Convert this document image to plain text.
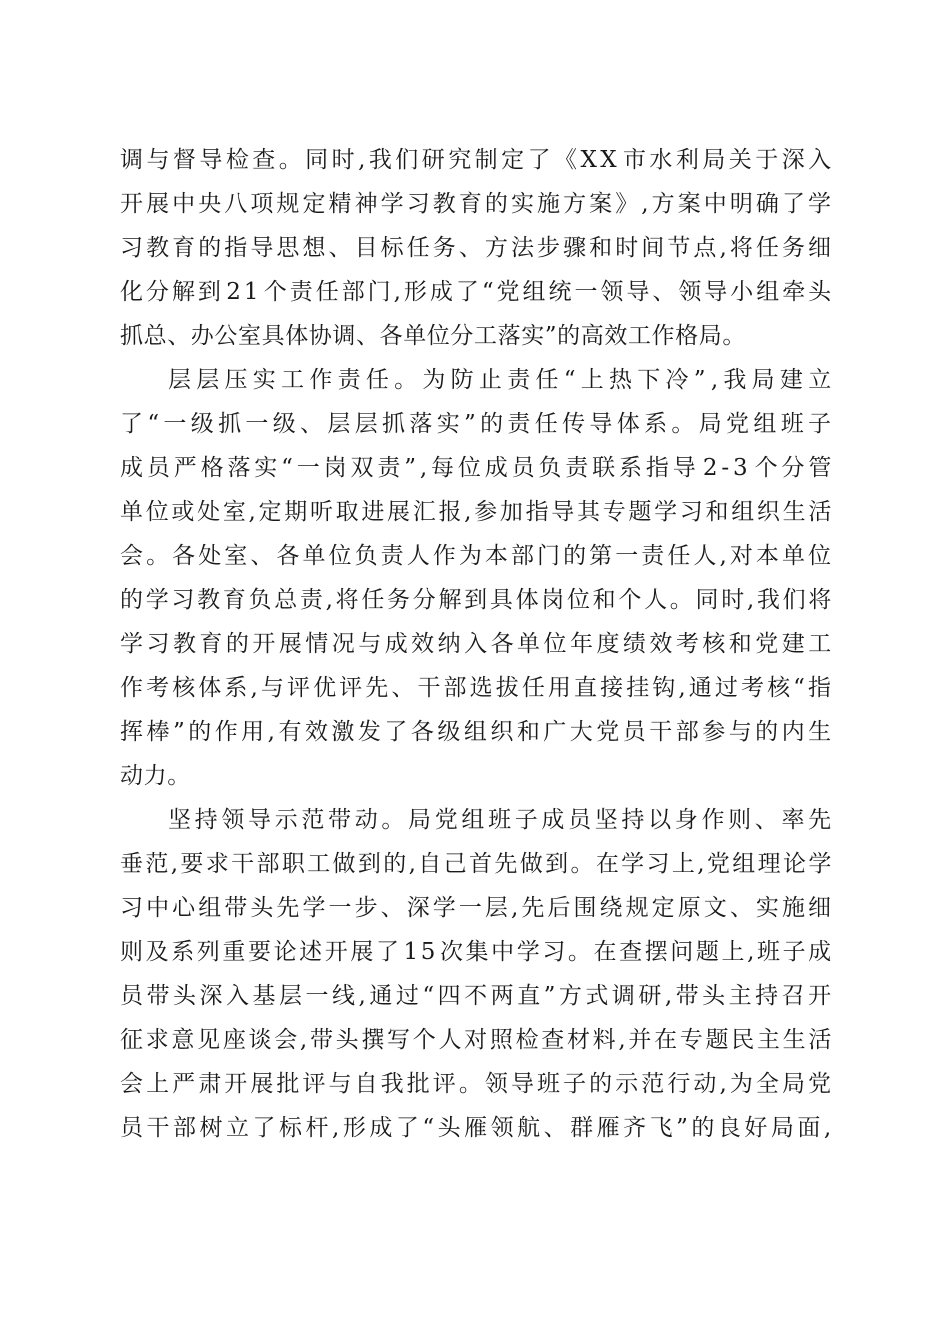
调 与 督 导 检 查 。 同 时 , 我 们 研 究 制 定 了 《 X X 市 水 利 局 关 于 深 入
开 展 中 央 八 项 规 定 精 神 学 习 教 育 的 实 施 方 案 》 , 方 案 中 明 确 了 学
习 教 育 的 指 导 思 想 、 目 标 任 务 、 方 法 步 骤 和 时 间 节 点 , 将 任 务 细
化 分 解 到 2 1 个 责 任 部 门 , 形 成 了 “ 党 组 统 一 领 导 、 领 导 小 组 牵 头
抓总、办公室具体协调、各单位分工落实”的高效工作格局。
层 层 压 实 工 作 责 任 。 为 防 止 责 任 “ 上 热 下 冷 ” , 我 局 建 立
了 “ 一 级 抓 一 级 、 层 层 抓 落 实 ” 的 责 任 传 导 体 系 。 局 党 组 班 子
成 员 严 格 落 实 “ 一 岗 双 责 ” , 每 位 成 员 负 责 联 系 指 导 2 - 3 个 分 管
单 位 或 处 室 , 定 期 听 取 进 展 汇 报 , 参 加 指 导 其 专 题 学 习 和 组 织 生 活
会 。 各 处 室 、 各 单 位 负 责 人 作 为 本 部 门 的 第 一 责 任 人 , 对 本 单 位
的 学 习 教 育 负 总 责 , 将 任 务 分 解 到 具 体 岗 位 和 个 人 。 同 时 , 我 们 将
学 习 教 育 的 开 展 情 况 与 成 效 纳 入 各 单 位 年 度 绩 效 考 核 和 党 建 工
作 考 核 体 系 , 与 评 优 评 先 、 干 部 选 拔 任 用 直 接 挂 钩 , 通 过 考 核 “ 指
挥 棒 ” 的 作 用 , 有 效 激 发 了 各 级 组 织 和 广 大 党 员 干 部 参 与 的 内 生
动力。
坚 持 领 导 示 范 带 动 。 局 党 组 班 子 成 员 坚 持 以 身 作 则 、 率 先
垂 范 , 要 求 干 部 职 工 做 到 的 , 自 己 首 先 做 到 。 在 学 习 上 , 党 组 理 论 学
习 中 心 组 带 头 先 学 一 步 、 深 学 一 层 , 先 后 围 绕 规 定 原 文 、 实 施 细
则 及 系 列 重 要 论 述 开 展 了 1 5 次 集 中 学 习 。 在 查 摆 问 题 上 , 班 子 成
员 带 头 深 入 基 层 一 线 , 通 过 “ 四 不 两 直 ” 方 式 调 研 , 带 头 主 持 召 开
征 求 意 见 座 谈 会 , 带 头 撰 写 个 人 对 照 检 查 材 料 , 并 在 专 题 民 主 生 活
会 上 严 肃 开 展 批 评 与 自 我 批 评 。 领 导 班 子 的 示 范 行 动 , 为 全 局 党
员 干 部 树 立 了 标 杆 , 形 成 了 “ 头 雁 领 航 、 群 雁 齐 飞 ” 的 良 好 局 面 ,
